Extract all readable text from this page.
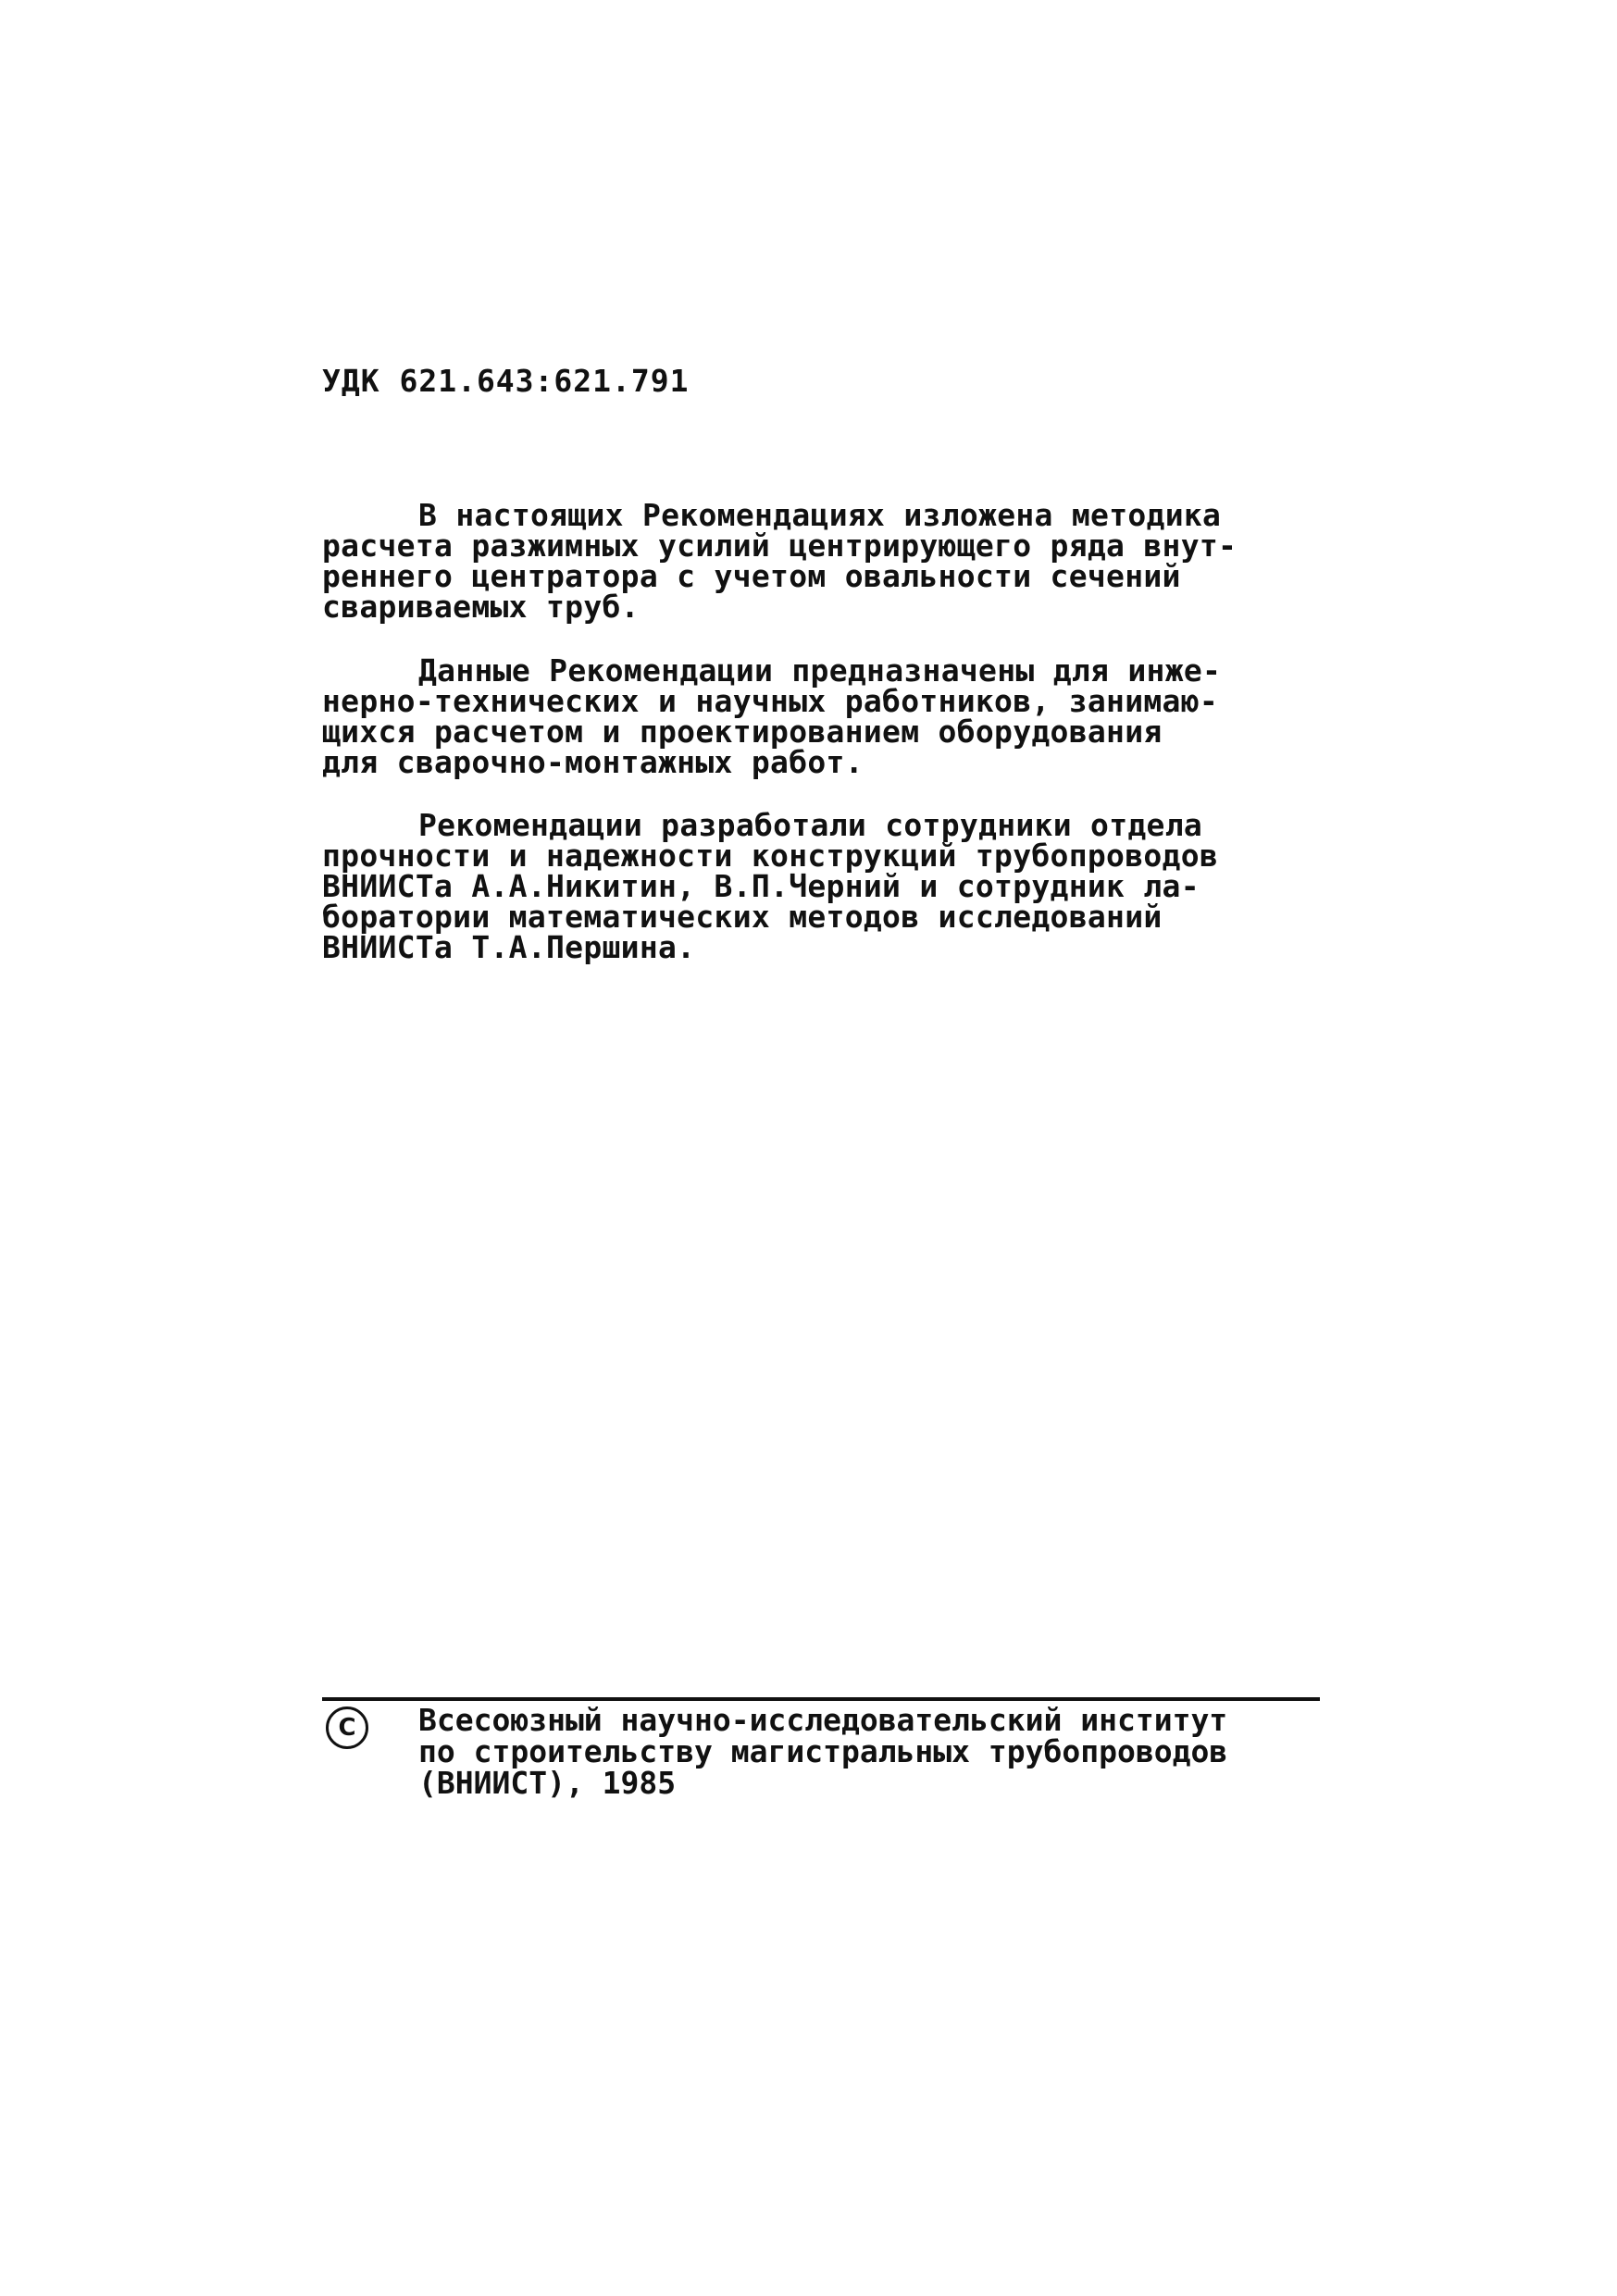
УДК 621.643:621.791

В настоящих Рекомендациях изложена методика
расчета разжимных усилий центрирующего ряда внут-
реннего центратора с учетом овальности сечений
свариваемых труб.

Данные Рекомендации предназначены для инже-
нерно-технических и научных работников, занимаю-
щихся расчетом и проектированием оборудования
для сварочно-монтажных работ.

Рекомендации разработали сотрудники отдела
прочности и надежности конструкций трубопроводов
ВНИИСТа А.А.Никитин, В.П.Черний и сотрудник ла-
боратории математических методов исследований
ВНИИСТа Т.А.Першина.

C	Всесоюзный научно-исследовательский институт
по строительству магистральных трубопроводов
(ВНИИСТ), 1985
